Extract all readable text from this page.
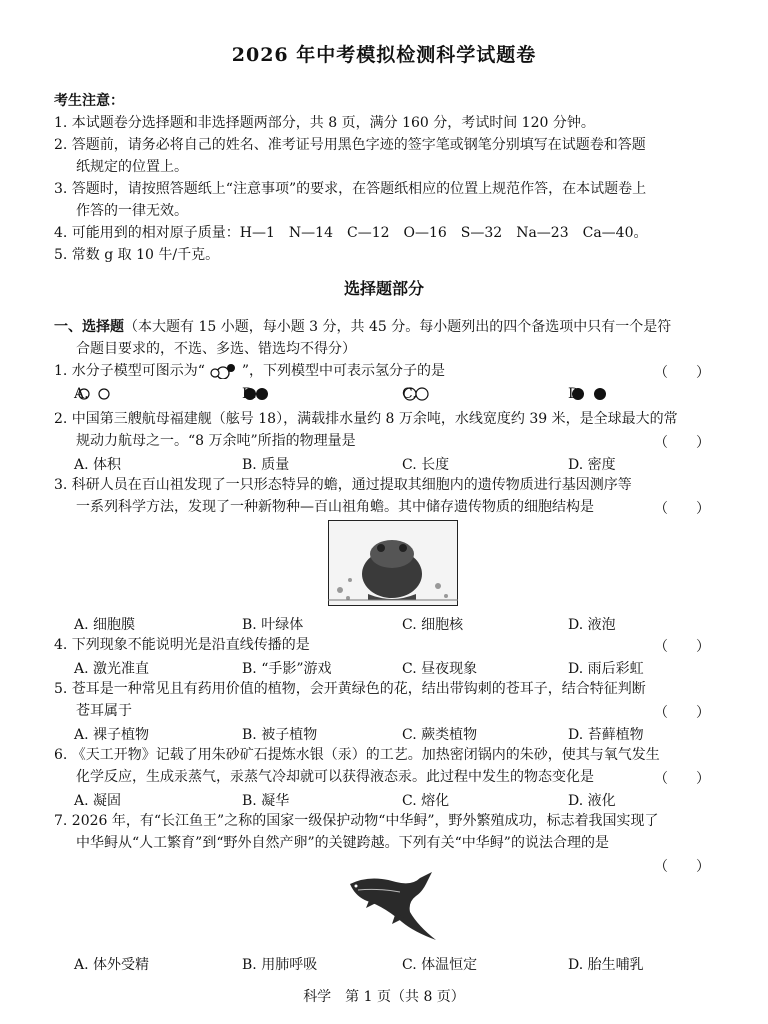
2026 年中考模拟检测科学试题卷
考生注意：
1. 本试题卷分选择题和非选择题两部分，共 8 页，满分 160 分，考试时间 120 分钟。
2. 答题前，请务必将自己的姓名、准考证号用黑色字迹的签字笔或钢笔分别填写在试题卷和答题
纸规定的位置上。
3. 答题时，请按照答题纸上“注意事项”的要求，在答题纸相应的位置上规范作答，在本试题卷上
作答的一律无效。
4. 可能用到的相对原子质量：H—1　N—14　C—12　O—16　S—32　Na—23　Ca—40。
5. 常数 g 取 10 牛/千克。
选择题部分
一、选择题（本大题有 15 小题，每小题 3 分，共 45 分。每小题列出的四个备选项中只有一个是符
合题目要求的，不选、多选、错选均不得分）
1. 水分子模型可图示为“	”，下列模型中可表示氢分子的是	（　　）
A.	B.	C.	D.
2. 中国第三艘航母福建舰（舷号 18），满载排水量约 8 万余吨，水线宽度约 39 米，是全球最大的常
规动力航母之一。“8 万余吨”所指的物理量是	（　　）
A. 体积	B. 质量	C. 长度	D. 密度
3. 科研人员在百山祖发现了一只形态特异的蟾，通过提取其细胞内的遗传物质进行基因测序等
一系列科学方法，发现了一种新物种—百山祖角蟾。其中储存遗传物质的细胞结构是	（　　）
A. 细胞膜	B. 叶绿体	C. 细胞核	D. 液泡
4. 下列现象不能说明光是沿直线传播的是	（　　）
A. 激光准直	B. “手影”游戏	C. 昼夜现象	D. 雨后彩虹
5. 苍耳是一种常见且有药用价值的植物，会开黄绿色的花，结出带钩刺的苍耳子，结合特征判断
苍耳属于	（　　）
A. 裸子植物	B. 被子植物	C. 蕨类植物	D. 苔藓植物
6. 《天工开物》记载了用朱砂矿石提炼水银（汞）的工艺。加热密闭锅内的朱砂，使其与氧气发生
化学反应，生成汞蒸气，汞蒸气冷却就可以获得液态汞。此过程中发生的物态变化是	（　　）
A. 凝固	B. 凝华	C. 熔化	D. 液化
7. 2026 年，有“长江鱼王”之称的国家一级保护动物“中华鲟”，野外繁殖成功，标志着我国实现了
中华鲟从“人工繁育”到“野外自然产卵”的关键跨越。下列有关“中华鲟”的说法合理的是
（　　）
A. 体外受精	B. 用肺呼吸	C. 体温恒定	D. 胎生哺乳
科学　第 1 页（共 8 页）
